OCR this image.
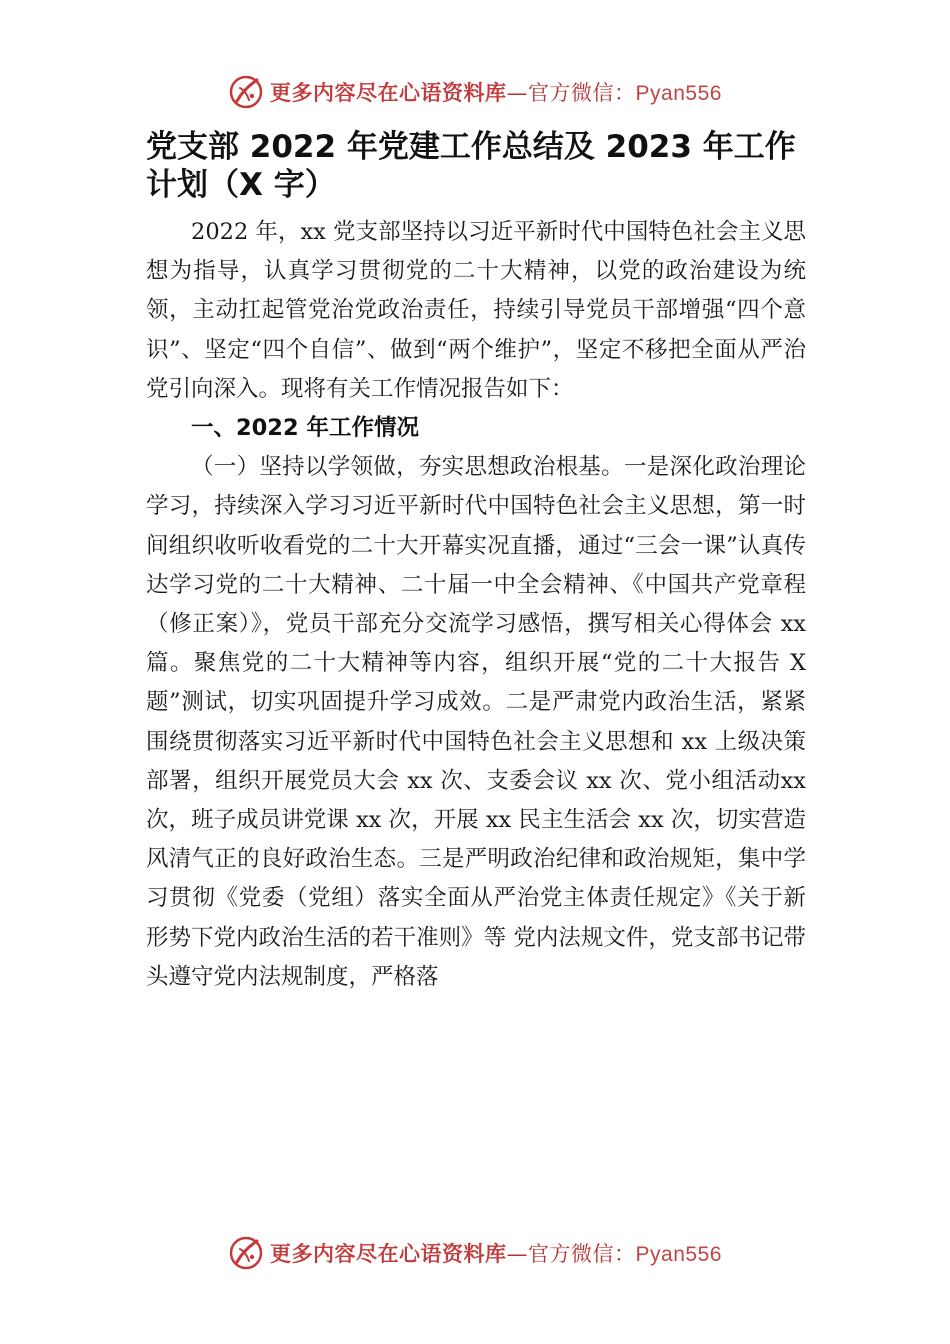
更多内容尽在心语资料库—官方微信：Pyan556
党支部 2022 年党建工作总结及 2023 年工作计划（X 字）

2022 年，xx 党支部坚持以习近平新时代中国特色社会主义思想为指导，认真学习贯彻党的二十大精神，以党的政治建设为统领，主动扛起管党治党政治责任，持续引导党员干部增强“四个意识”、坚定“四个自信”、做到“两个维护”，坚定不移把全面从严治党引向深入。现将有关工作情况报告如下：

一、2022 年工作情况

（一）坚持以学领做，夯实思想政治根基。一是深化政治理论学习，持续深入学习习近平新时代中国特色社会主义思想，第一时间组织收听收看党的二十大开幕实况直播，通过“三会一课”认真传达学习党的二十大精神、二十届一中全会精神、《中国共产党章程（修正案）》，党员干部充分交流学习感悟，撰写相关心得体会 xx 篇。聚焦党的二十大精神等内容，组织开展“党的二十大报告 X 题”测试，切实巩固提升学习成效。二是严肃党内政治生活，紧紧围绕贯彻落实习近平新时代中国特色社会主义思想和 xx 上级决策部署，组织开展党员大会 xx 次、支委会议 xx 次、党小组活动xx 次，班子成员讲党课 xx 次，开展 xx 民主生活会 xx 次，切实营造风清气正的良好政治生态。三是严明政治纪律和政治规矩，集中学习贯彻《党委（党组）落实全面从严治党主体责任规定》《关于新形势下党内政治生活的若干准则》等 党内法规文件，党支部书记带头遵守党内法规制度，严格落

更多内容尽在心语资料库—官方微信：Pyan556
